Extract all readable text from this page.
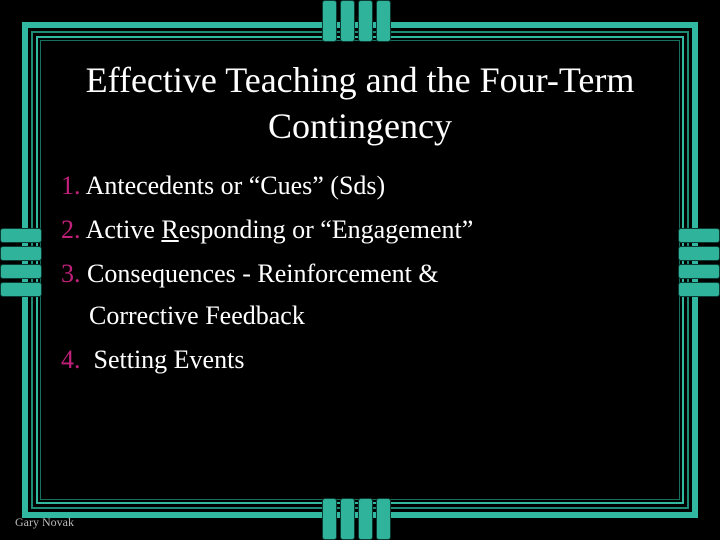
Effective Teaching and the Four-Term Contingency
1. Antecedents or “Cues” (Sds)
2. Active Responding or “Engagement”
3. Consequences - Reinforcement &
Corrective Feedback
4.  Setting Events
Gary Novak
